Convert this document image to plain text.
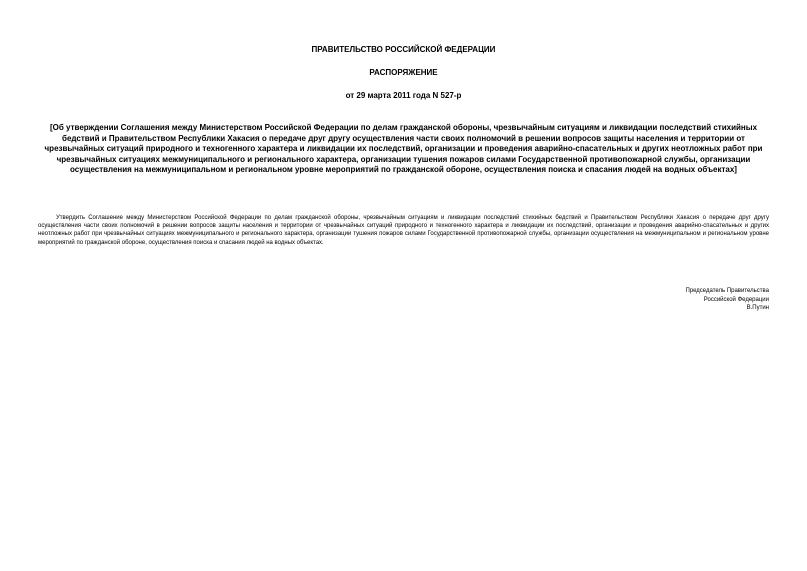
ПРАВИТЕЛЬСТВО РОССИЙСКОЙ ФЕДЕРАЦИИ

РАСПОРЯЖЕНИЕ

от 29 марта 2011 года N 527-р

[Об утверждении Соглашения между Министерством Российской Федерации по делам гражданской обороны, чрезвычайным ситуациям и ликвидации последствий стихийных бедствий и Правительством Республики Хакасия о передаче друг другу осуществления части своих полномочий в решении вопросов защиты населения и территории от чрезвычайных ситуаций природного и техногенного характера и ликвидации их последствий, организации и проведения аварийно-спасательных и других неотложных работ при чрезвычайных ситуациях межмуниципального и регионального характера, организации тушения пожаров силами Государственной противопожарной службы, организации осуществления на межмуниципальном и региональном уровне мероприятий по гражданской обороне, осуществления поиска и спасания людей на водных объектах]

Утвердить Соглашение между Министерством Российской Федерации по делам гражданской обороны, чрезвычайным ситуациям и ликвидации последствий стихийных бедствий и Правительством Республики Хакасия о передаче друг другу осуществления части своих полномочий в решении вопросов защиты населения и территории от чрезвычайных ситуаций природного и техногенного характера и ликвидации их последствий, организации и проведения аварийно-спасательных и других неотложных работ при чрезвычайных ситуациях межмуниципального и регионального характера, организации тушения пожаров силами Государственной противопожарной службы, организации осуществления на межмуниципальном и региональном уровне мероприятий по гражданской обороне, осуществления поиска и спасания людей на водных объектах.

Председатель Правительства
Российской Федерации
В.Путин
